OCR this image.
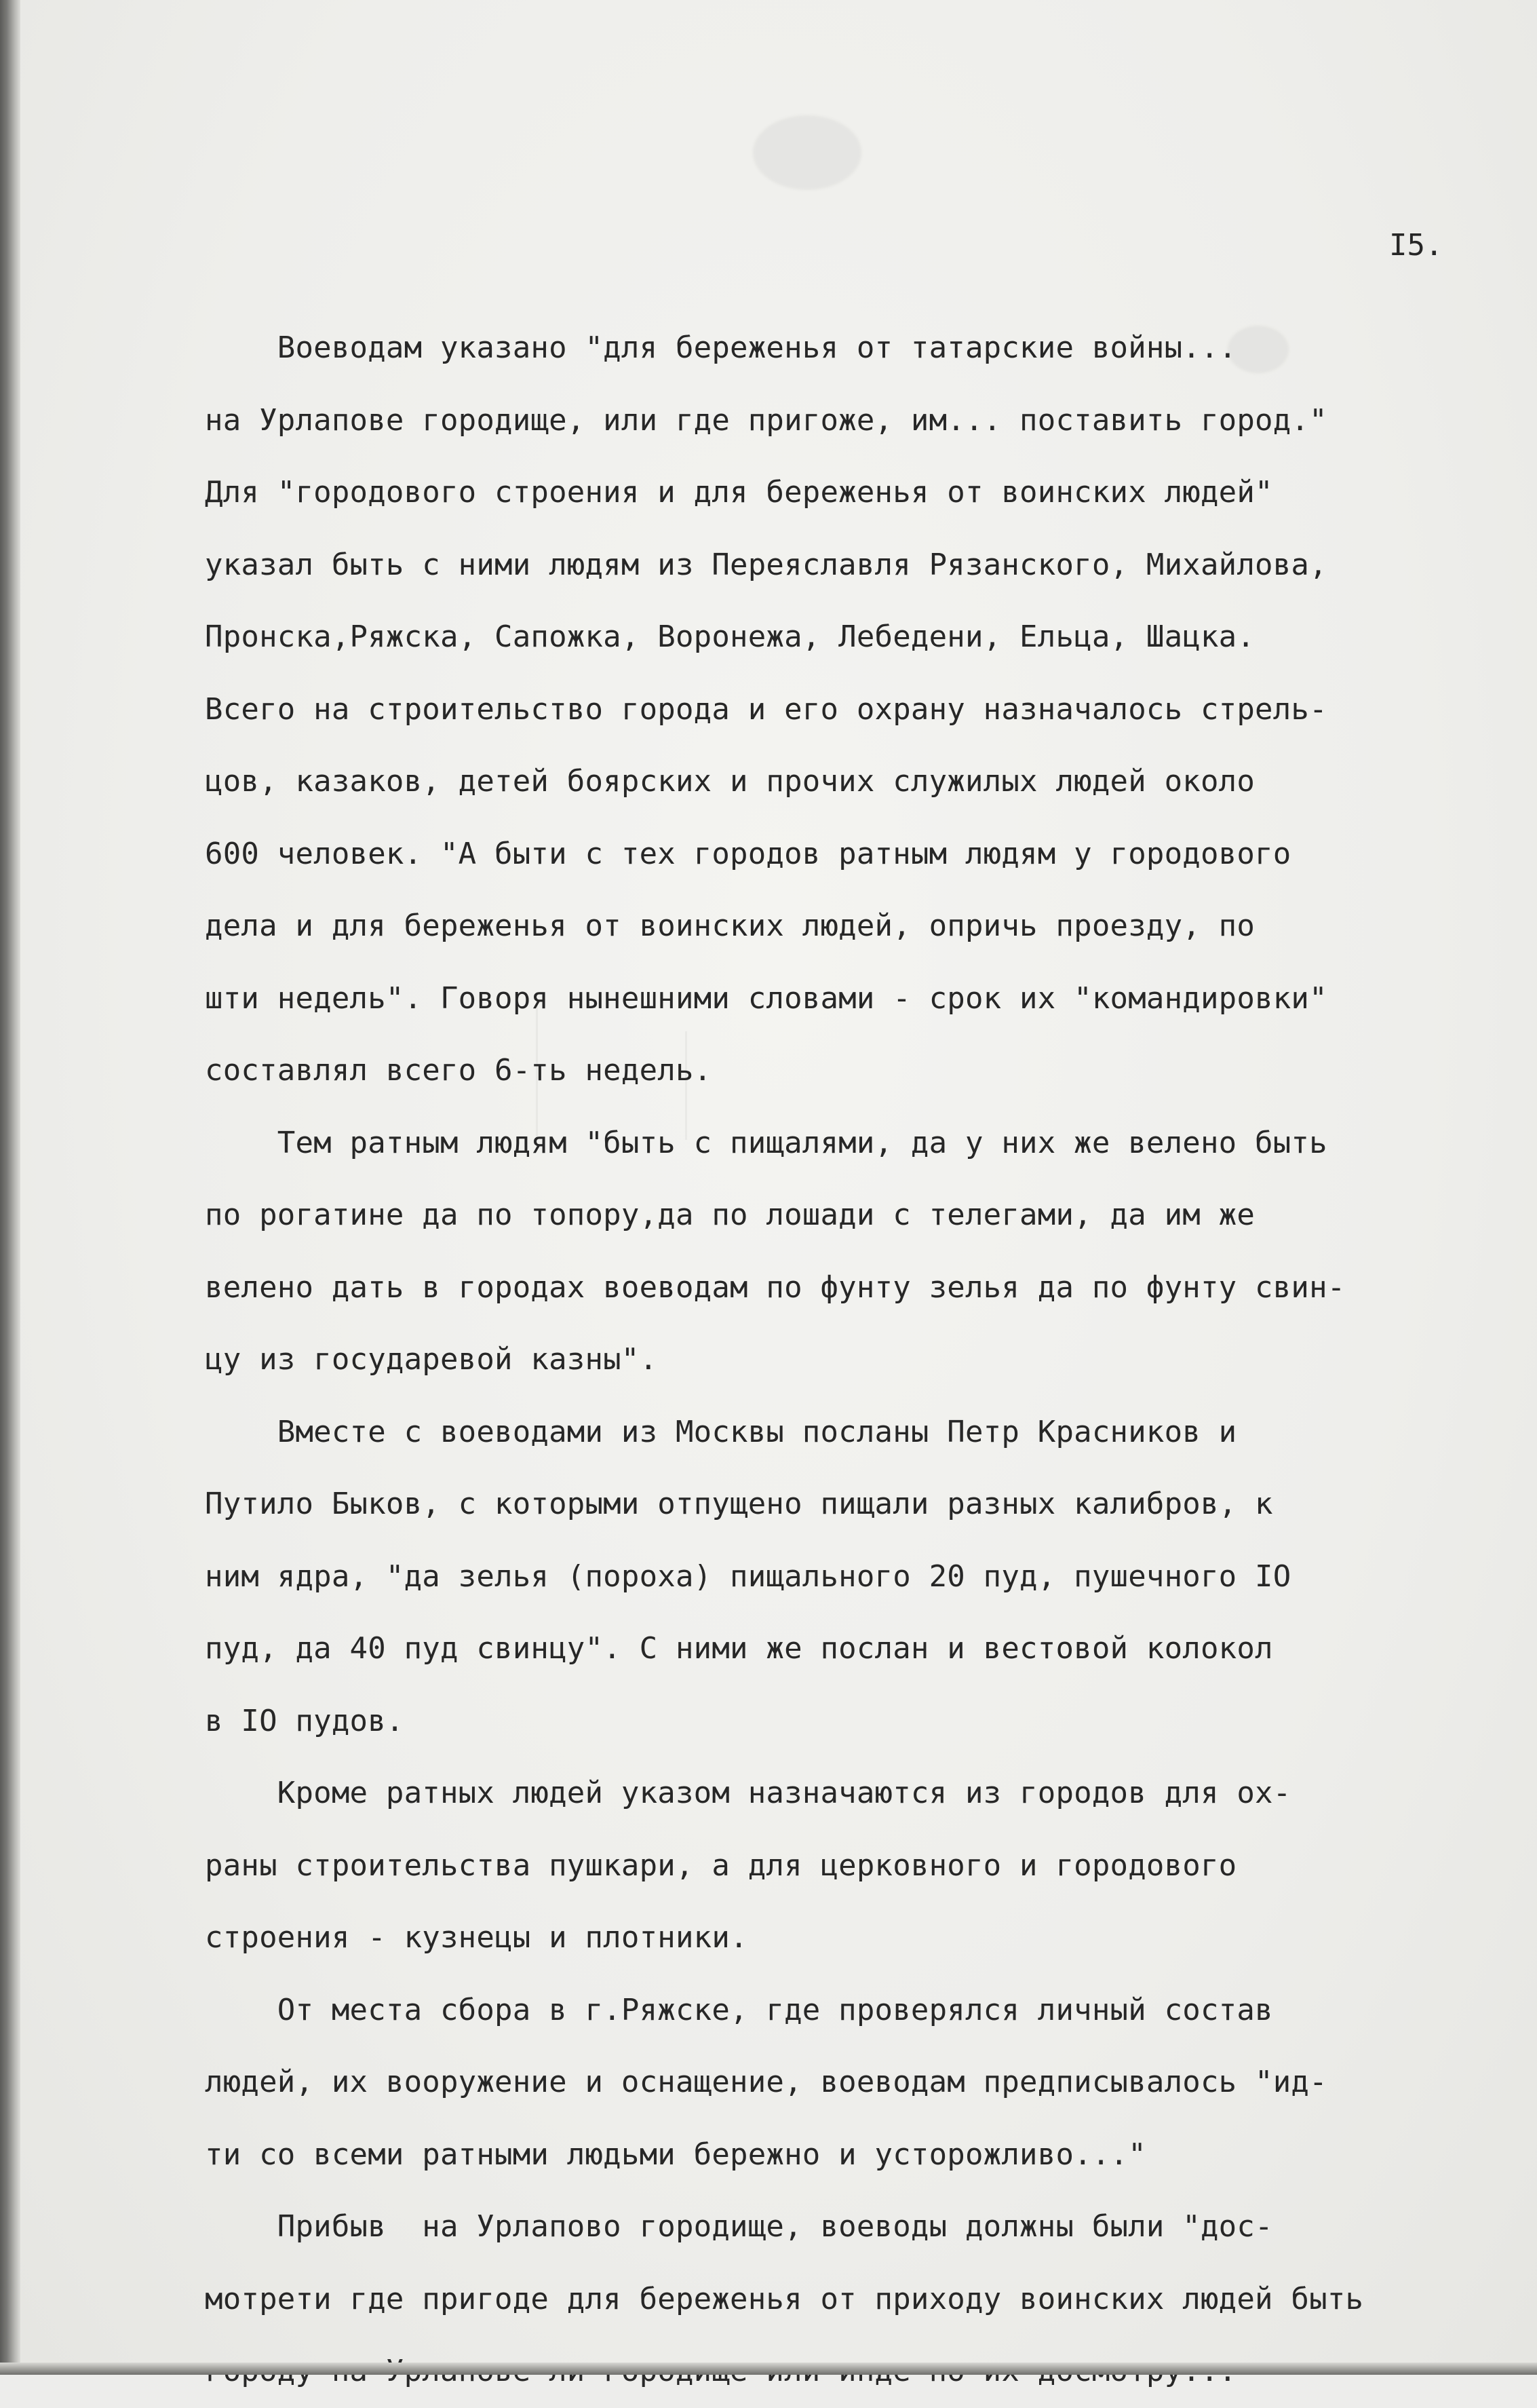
I5.
Воеводам указано "для береженья от татарские войны...
на Урлапове городище, или где пригоже, им... поставить город."
Для "городового строения и для береженья от воинских людей"
указал быть с ними людям из Переяславля Рязанского, Михайлова,
Пронска,Ряжска, Сапожка, Воронежа, Лебедени, Ельца, Шацка.
Всего на строительство города и его охрану назначалось стрель-
цов, казаков, детей боярских и прочих служилых людей около
600 человек. "А быти с тех городов ратным людям у городового
дела и для береженья от воинских людей, опричь проезду, по
шти недель". Говоря нынешними словами - срок их "командировки"
составлял всего 6-ть недель.
Тем ратным людям "быть с пищалями, да у них же велено быть
по рогатине да по топору,да по лошади с телегами, да им же
велено дать в городах воеводам по фунту зелья да по фунту свин-
цу из государевой казны".
Вместе с воеводами из Москвы посланы Петр Красников и
Путило Быков, с которыми отпущено пищали разных калибров, к
ним ядра, "да зелья (пороха) пищального 20 пуд, пушечного IO
пуд, да 40 пуд свинцу". С ними же послан и вестовой колокол
в IO пудов.
Кроме ратных людей указом назначаются из городов для ох-
раны строительства пушкари, а для церковного и городового
строения - кузнецы и плотники.
От места сбора в г.Ряжске, где проверялся личный состав
людей, их вооружение и оснащение, воеводам предписывалось "ид-
ти со всеми ратными людьми бережно и усторожливо..."
Прибыв  на Урлапово городище, воеводы должны были "дос-
мотрети где пригоде для береженья от приходу воинских людей быть
